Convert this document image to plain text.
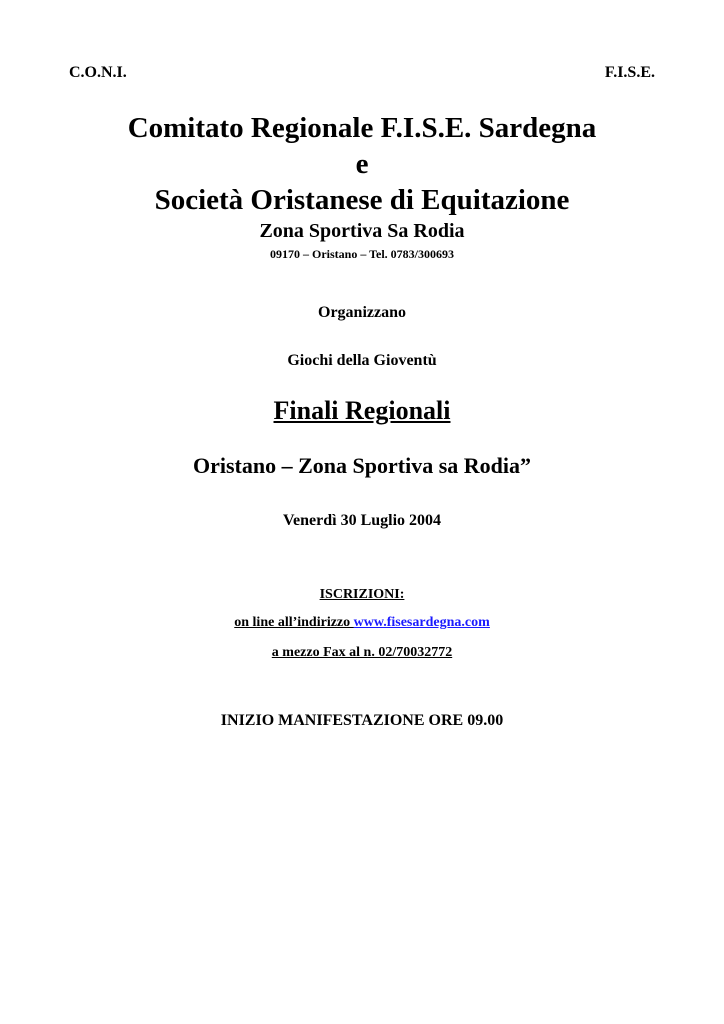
C.O.N.I.	F.I.S.E.
Comitato Regionale F.I.S.E. Sardegna
e
Società Oristanese di Equitazione
Zona Sportiva Sa Rodia
09170 – Oristano – Tel. 0783/300693
Organizzano
Giochi della Gioventù
Finali Regionali
Oristano – Zona Sportiva sa Rodia”
Venerdì 30 Luglio 2004
ISCRIZIONI:
on line all’indirizzo www.fisesardegna.com
a mezzo Fax al n. 02/70032772
INIZIO MANIFESTAZIONE ORE 09.00
